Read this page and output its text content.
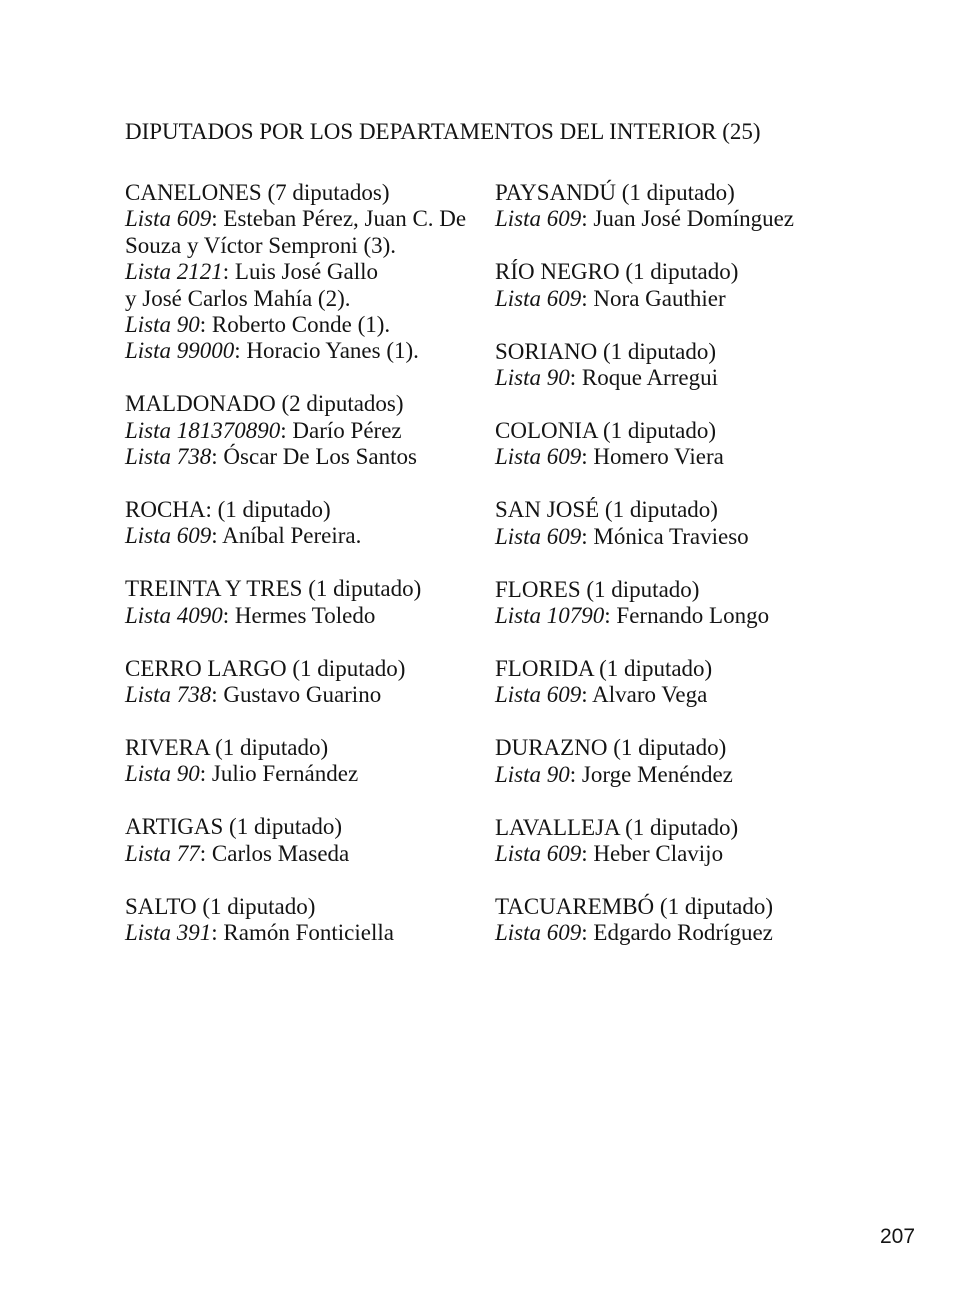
DIPUTADOS POR LOS DEPARTAMENTOS DEL INTERIOR (25)
CANELONES (7 diputados)
Lista 609: Esteban Pérez, Juan C. De
Souza y Víctor Semproni (3).
Lista 2121: Luis José Gallo
y José Carlos Mahía (2).
Lista 90: Roberto Conde (1).
Lista 99000: Horacio Yanes (1).
MALDONADO (2 diputados)
Lista 181370890: Darío Pérez
Lista 738: Óscar De Los Santos
ROCHA: (1 diputado)
Lista 609: Aníbal Pereira.
TREINTA Y TRES (1 diputado)
Lista 4090: Hermes Toledo
CERRO LARGO (1 diputado)
Lista 738: Gustavo Guarino
RIVERA (1 diputado)
Lista 90: Julio Fernández
ARTIGAS (1 diputado)
Lista 77: Carlos Maseda
SALTO (1 diputado)
Lista 391: Ramón Fonticiella
PAYSANDÚ (1 diputado)
Lista 609: Juan José Domínguez
RÍO NEGRO (1 diputado)
Lista 609: Nora Gauthier
SORIANO (1 diputado)
Lista 90: Roque Arregui
COLONIA (1 diputado)
Lista 609: Homero Viera
SAN JOSÉ (1 diputado)
Lista 609: Mónica Travieso
FLORES (1 diputado)
Lista 10790: Fernando Longo
FLORIDA (1 diputado)
Lista 609: Alvaro Vega
DURAZNO (1 diputado)
Lista 90: Jorge Menéndez
LAVALLEJA (1 diputado)
Lista 609: Heber Clavijo
TACUAREMBÓ (1 diputado)
Lista 609: Edgardo Rodríguez
207
